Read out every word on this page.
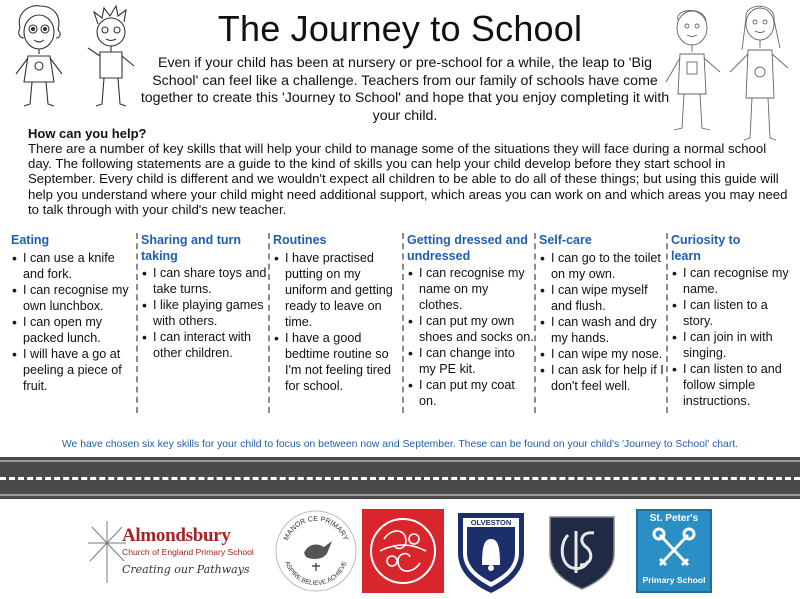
The Journey to School

Even if your child has been at nursery or pre-school for a while, the leap to 'Big School' can feel like a challenge. Teachers from our family of schools have come together to create this 'Journey to School' and hope that you enjoy completing it with your child.

How can you help?

There are a number of key skills that will help your child to manage some of the situations they will face during a normal school day. The following statements are a guide to the kind of skills you can help your child develop before they start school in September. Every child is different and we wouldn't expect all children to be able to do all of these things; but using this guide will help you understand where your child might need additional support, which areas you can work on and which areas you may need to talk through with your child's new teacher.

Eating
• I can use a knife and fork.
• I can recognise my own lunchbox.
• I can open my packed lunch.
• I will have a go at peeling a piece of fruit.
Sharing and turn taking
• I can share toys and take turns.
• I like playing games with others.
• I can interact with other children.
Routines
• I have practised putting on my uniform and getting ready to leave on time.
• I have a good bedtime routine so I'm not feeling tired for school.
Getting dressed and undressed
• I can recognise my name on my clothes.
• I can put my own shoes and socks on.
• I can change into my PE kit.
• I can put my coat on.
Self-care
• I can go to the toilet on my own.
• I can wipe myself and flush.
• I can wash and dry my hands.
• I can wipe my nose.
• I can ask for help if I don't feel well.
Curiosity to learn
• I can recognise my name.
• I can listen to a story.
• I can join in with singing.
• I can listen to and follow simple instructions.

We have chosen six key skills for your child to focus on between now and September. These can be found on your child's 'Journey to School' chart.

Almondsbury
Church of England Primary School
Creating our Pathways
MANOR CE PRIMARY
ASPIRE.BELIEVE.ACHIEVE
OLVESTON	St. Peter's
Primary School
